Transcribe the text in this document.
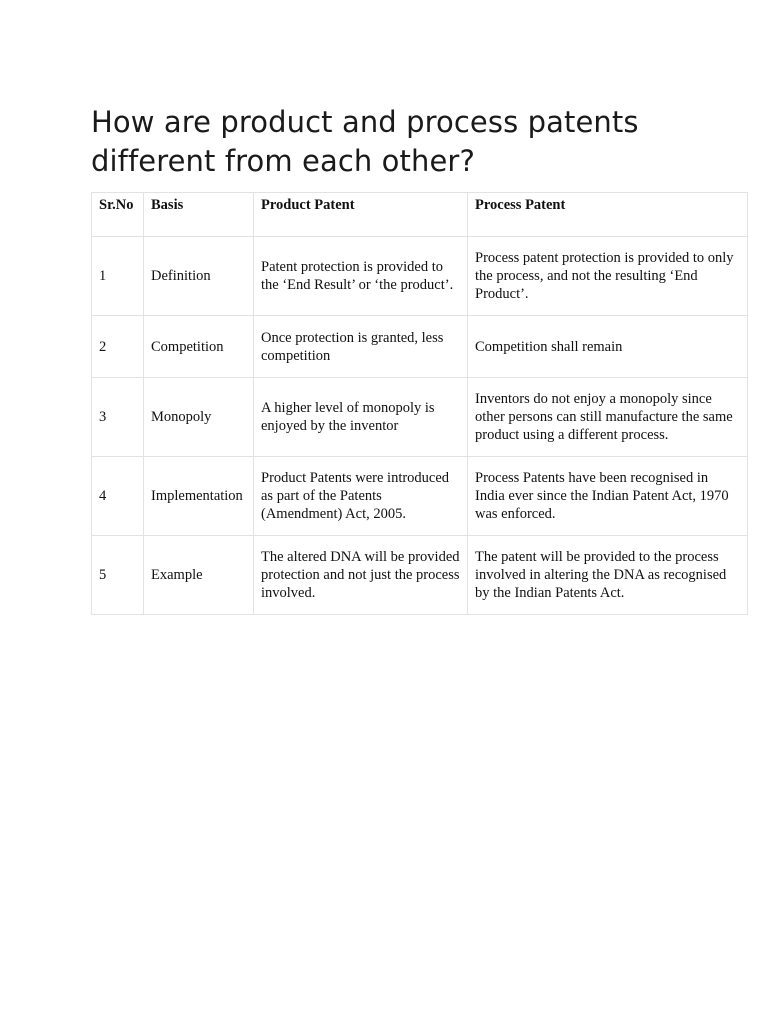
How are product and process patents different from each other?
Sr.No	Basis	Product Patent	Process Patent
1	Definition	Patent protection is provided to the ‘End Result’ or ‘the product’.	Process patent protection is provided to only the process, and not the resulting ‘End Product’.
2	Competition	Once protection is granted, less competition	Competition shall remain
3	Monopoly	A higher level of monopoly is enjoyed by the inventor	Inventors do not enjoy a monopoly since other persons can still manufacture the same product using a different process.
4	Implementation	Product Patents were introduced as part of the Patents (Amendment) Act, 2005.	Process Patents have been recognised in India ever since the Indian Patent Act, 1970 was enforced.
5	Example	The altered DNA will be provided protection and not just the process involved.	The patent will be provided to the process involved in altering the DNA as recognised by the Indian Patents Act.
